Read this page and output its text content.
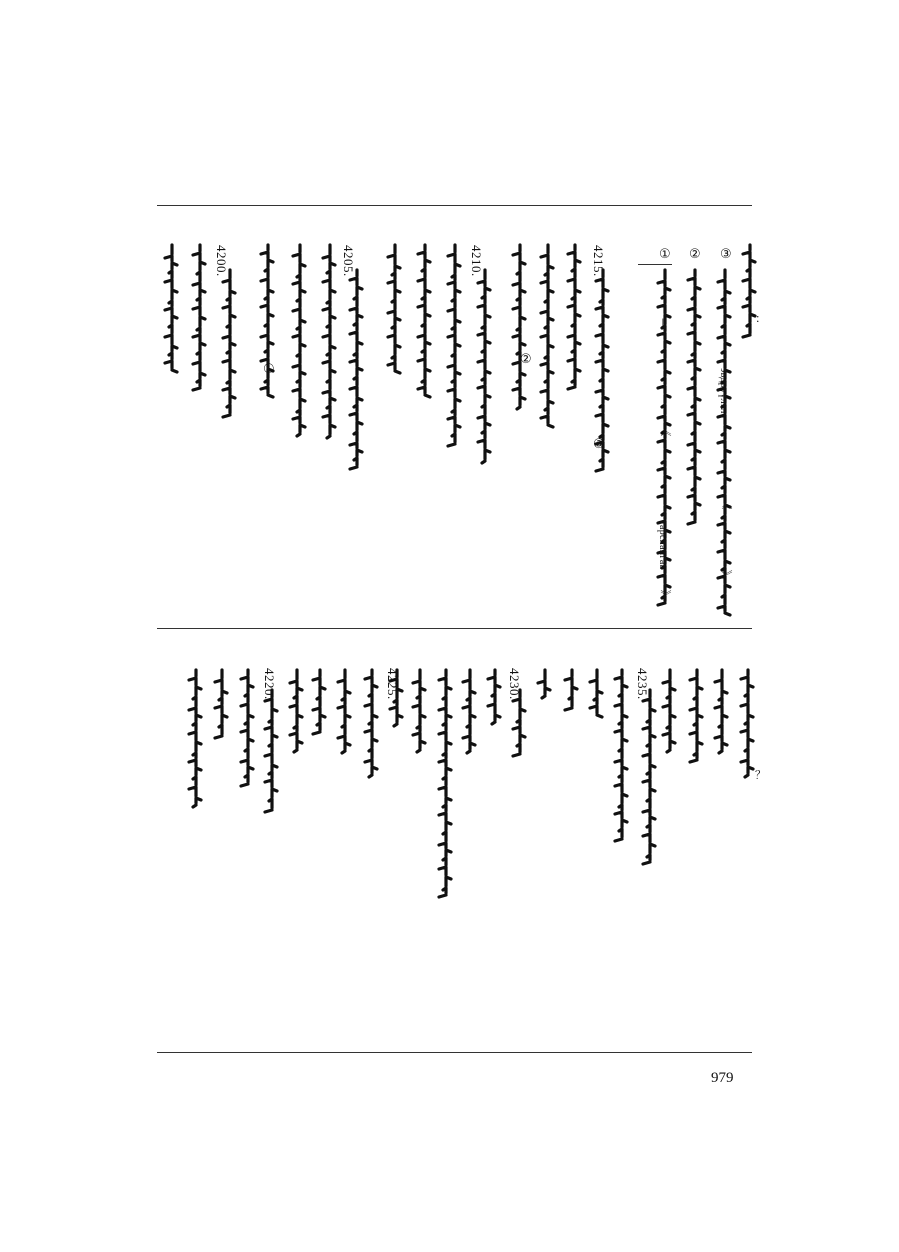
4215.
4210.
4205.
4200.
4235.
4230.
4225.
4220.
③
②
①
③
②
①	эвдрүүлэл
арслангаа
—
《
》
—
—
《
》
：
？
979
